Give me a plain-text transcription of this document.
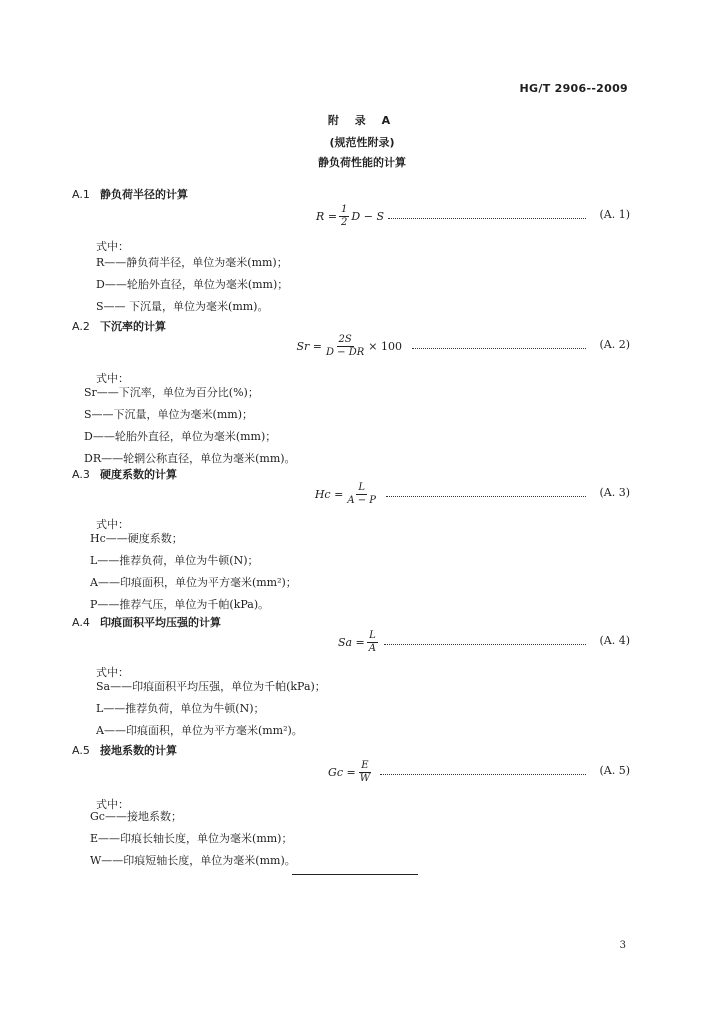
HG/T 2906--2009
附 录 A
(规范性附录)
静负荷性能的计算
A.1 静负荷半径的计算
$R = \frac{1}{2}$ D − S	(A. 1)
式中：
R——静负荷半径，单位为毫米(mm)；
D——轮胎外直径，单位为毫米(mm)；
S—— 下沉量，单位为毫米(mm)。
A.2 下沉率的计算
$Sr = \frac{2S}{D - DR} \times 100$	(A. 2)
式中：
Sr——下沉率，单位为百分比(%)；
S——下沉量，单位为毫米(mm)；
D——轮胎外直径，单位为毫米(mm)；
DR——轮辋公称直径，单位为毫米(mm)。
A.3 硬度系数的计算
$Hc = \frac{L}{A - P}$	(A. 3)
式中：
Hc——硬度系数；
L——推荐负荷，单位为牛顿(N)；
A——印痕面积，单位为平方毫米(mm²)；
P——推荐气压，单位为千帕(kPa)。
A.4 印痕面积平均压强的计算
$Sa = \frac{L}{A}$	(A. 4)
式中：
Sa——印痕面积平均压强，单位为千帕(kPa)；
L——推荐负荷，单位为牛顿(N)；
A——印痕面积，单位为平方毫米(mm²)。
A.5 接地系数的计算
$Gc = \frac{E}{W}$	(A. 5)
式中：
Gc——接地系数；
E——印痕长轴长度，单位为毫米(mm)；
W——印痕短轴长度，单位为毫米(mm)。
3
